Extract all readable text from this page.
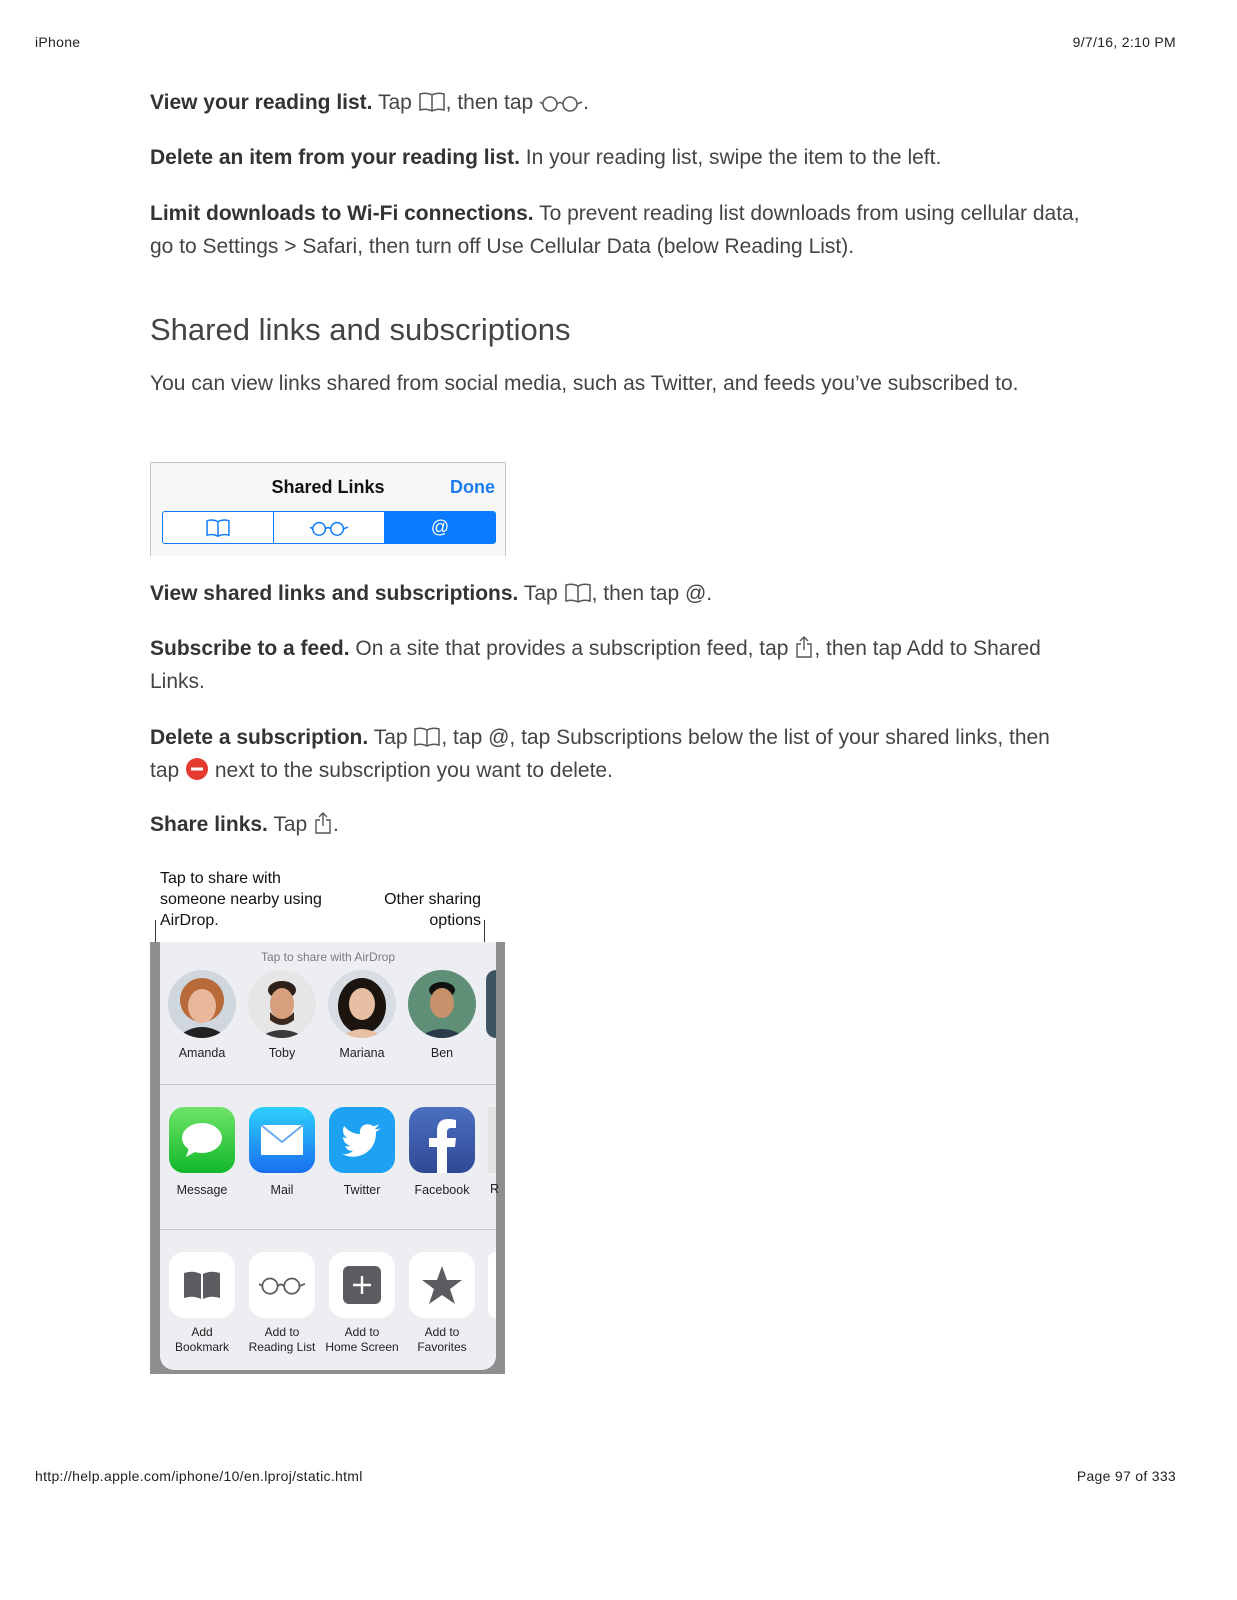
iPhone	9/7/16, 2:10 PM

View your reading list. Tap , then tap .

Delete an item from your reading list. In your reading list, swipe the item to the left.

Limit downloads to Wi-Fi connections. To prevent reading list downloads from using cellular data, go to Settings > Safari, then turn off Use Cellular Data (below Reading List).

Shared links and subscriptions

You can view links shared from social media, such as Twitter, and feeds you’ve subscribed to.

View shared links and subscriptions. Tap , then tap @.

Subscribe to a feed. On a site that provides a subscription feed, tap , then tap Add to Shared Links.

Delete a subscription. Tap , tap @, tap Subscriptions below the list of your shared links, then tap  next to the subscription you want to delete.

Share links. Tap .

Shared Links	Done
@
Tap to share with someone nearby using AirDrop.
Other sharing options
Tap to share with AirDrop
Amanda	Toby	Mariana	Ben
Message	Mail	Twitter	Facebook	R
Add
Bookmark
Add to
Reading List
Add to
Home Screen
Add to
Favorites
http://help.apple.com/iphone/10/en.lproj/static.html	Page 97 of 333
